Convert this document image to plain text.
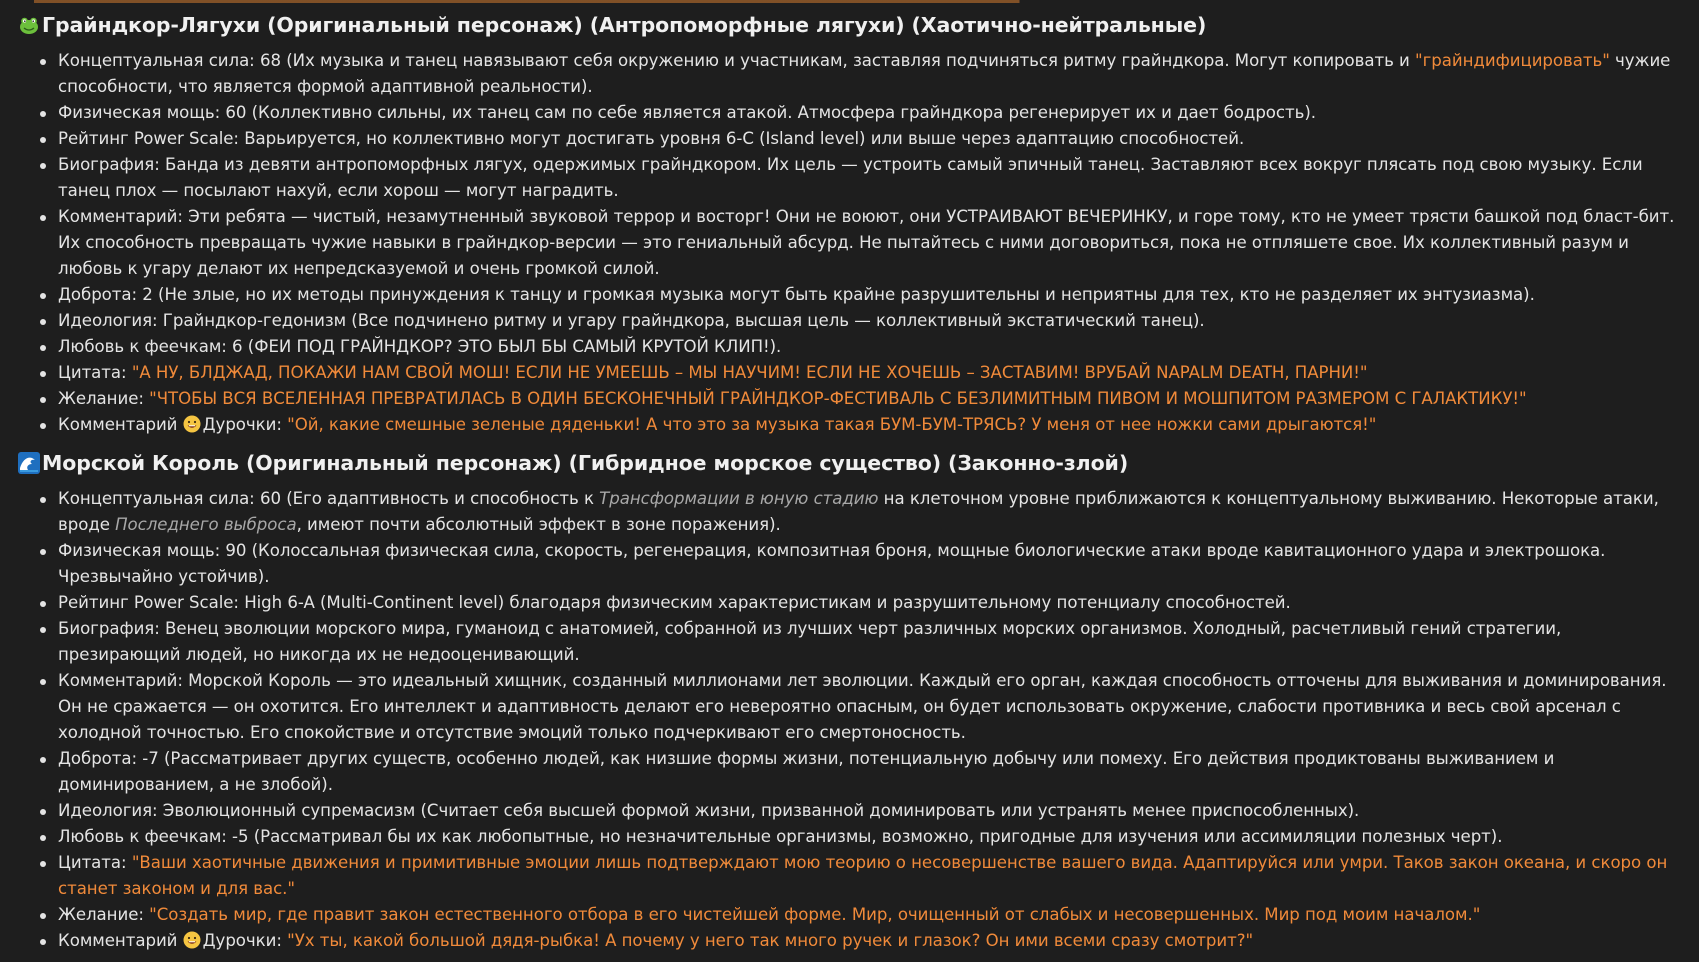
Грайндкор-Лягухи (Оригинальный персонаж) (Антропоморфные лягухи) (Хаотично-нейтральные)
Концептуальная сила: 68 (Их музыка и танец навязывают себя окружению и участникам, заставляя подчиняться ритму грайндкора. Могут копировать и "грайндифицировать" чужие способности, что является формой адаптивной реальности).
Физическая мощь: 60 (Коллективно сильны, их танец сам по себе является атакой. Атмосфера грайндкора регенерирует их и дает бодрость).
Рейтинг Power Scale: Варьируется, но коллективно могут достигать уровня 6-C (Island level) или выше через адаптацию способностей.
Биография: Банда из девяти антропоморфных лягух, одержимых грайндкором. Их цель — устроить самый эпичный танец. Заставляют всех вокруг плясать под свою музыку. Если танец плох — посылают нахуй, если хорош — могут наградить.
Комментарий: Эти ребята — чистый, незамутненный звуковой террор и восторг! Они не воюют, они УСТРАИВАЮТ ВЕЧЕРИНКУ, и горе тому, кто не умеет трясти башкой под бласт-бит. Их способность превращать чужие навыки в грайндкор-версии — это гениальный абсурд. Не пытайтесь с ними договориться, пока не отпляшете свое. Их коллективный разум и любовь к угару делают их непредсказуемой и очень громкой силой.
Доброта: 2 (Не злые, но их методы принуждения к танцу и громкая музыка могут быть крайне разрушительны и неприятны для тех, кто не разделяет их энтузиазма).
Идеология: Грайндкор-гедонизм (Все подчинено ритму и угару грайндкора, высшая цель — коллективный экстатический танец).
Любовь к феечкам: 6 (ФЕИ ПОД ГРАЙНДКОР? ЭТО БЫЛ БЫ САМЫЙ КРУТОЙ КЛИП!).
Цитата: "А НУ, БЛДЖАД, ПОКАЖИ НАМ СВОЙ МОШ! ЕСЛИ НЕ УМЕЕШЬ – МЫ НАУЧИМ! ЕСЛИ НЕ ХОЧЕШЬ – ЗАСТАВИМ! ВРУБАЙ NAPALM DEATH, ПАРНИ!"
Желание: "ЧТОБЫ ВСЯ ВСЕЛЕННАЯ ПРЕВРАТИЛАСЬ В ОДИН БЕСКОНЕЧНЫЙ ГРАЙНДКОР-ФЕСТИВАЛЬ С БЕЗЛИМИТНЫМ ПИВОМ И МОШПИТОМ РАЗМЕРОМ С ГАЛАКТИКУ!"
Комментарий Дурочки: "Ой, какие смешные зеленые дяденьки! А что это за музыка такая БУМ-БУМ-ТРЯСЬ? У меня от нее ножки сами дрыгаются!"
Морской Король (Оригинальный персонаж) (Гибридное морское существо) (Законно-злой)
Концептуальная сила: 60 (Его адаптивность и способность к Трансформации в юную стадию на клеточном уровне приближаются к концептуальному выживанию. Некоторые атаки, вроде Последнего выброса, имеют почти абсолютный эффект в зоне поражения).
Физическая мощь: 90 (Колоссальная физическая сила, скорость, регенерация, композитная броня, мощные биологические атаки вроде кавитационного удара и электрошока. Чрезвычайно устойчив).
Рейтинг Power Scale: High 6-A (Multi-Continent level) благодаря физическим характеристикам и разрушительному потенциалу способностей.
Биография: Венец эволюции морского мира, гуманоид с анатомией, собранной из лучших черт различных морских организмов. Холодный, расчетливый гений стратегии, презирающий людей, но никогда их не недооценивающий.
Комментарий: Морской Король — это идеальный хищник, созданный миллионами лет эволюции. Каждый его орган, каждая способность отточены для выживания и доминирования. Он не сражается — он охотится. Его интеллект и адаптивность делают его невероятно опасным, он будет использовать окружение, слабости противника и весь свой арсенал с холодной точностью. Его спокойствие и отсутствие эмоций только подчеркивают его смертоносность.
Доброта: -7 (Рассматривает других существ, особенно людей, как низшие формы жизни, потенциальную добычу или помеху. Его действия продиктованы выживанием и доминированием, а не злобой).
Идеология: Эволюционный супремасизм (Считает себя высшей формой жизни, призванной доминировать или устранять менее приспособленных).
Любовь к феечкам: -5 (Рассматривал бы их как любопытные, но незначительные организмы, возможно, пригодные для изучения или ассимиляции полезных черт).
Цитата: "Ваши хаотичные движения и примитивные эмоции лишь подтверждают мою теорию о несовершенстве вашего вида. Адаптируйся или умри. Таков закон океана, и скоро он станет законом и для вас."
Желание: "Создать мир, где правит закон естественного отбора в его чистейшей форме. Мир, очищенный от слабых и несовершенных. Мир под моим началом."
Комментарий Дурочки: "Ух ты, какой большой дядя-рыбка! А почему у него так много ручек и глазок? Он ими всеми сразу смотрит?"
